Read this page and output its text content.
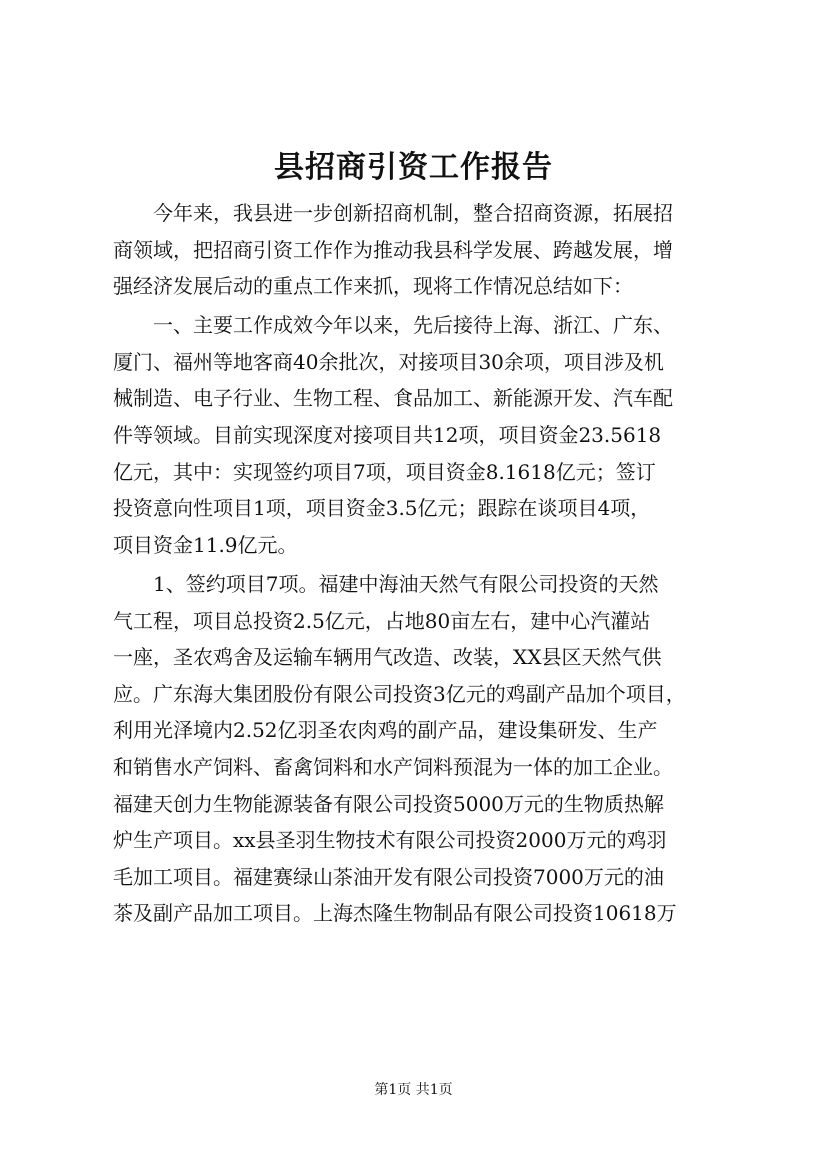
县招商引资工作报告
今年来，我县进一步创新招商机制，整合招商资源，拓展招
商领域，把招商引资工作作为推动我县科学发展、跨越发展，增
强经济发展后动的重点工作来抓，现将工作情况总结如下：
一、主要工作成效今年以来，先后接待上海、浙江、广东、
厦门、福州等地客商40余批次，对接项目30余项，项目涉及机
械制造、电子行业、生物工程、食品加工、新能源开发、汽车配
件等领域。目前实现深度对接项目共12项，项目资金23.5618
亿元，其中：实现签约项目7项，项目资金8.1618亿元；签订
投资意向性项目1项，项目资金3.5亿元；跟踪在谈项目4项，
项目资金11.9亿元。
1、签约项目7项。福建中海油天然气有限公司投资的天然
气工程，项目总投资2.5亿元，占地80亩左右，建中心汽灌站
一座，圣农鸡舍及运输车辆用气改造、改装，XX县区天然气供
应。广东海大集团股份有限公司投资3亿元的鸡副产品加个项目，
利用光泽境内2.52亿羽圣农肉鸡的副产品，建设集研发、生产
和销售水产饲料、畜禽饲料和水产饲料预混为一体的加工企业。
福建天创力生物能源装备有限公司投资5000万元的生物质热解
炉生产项目。xx县圣羽生物技术有限公司投资2000万元的鸡羽
毛加工项目。福建赛绿山茶油开发有限公司投资7000万元的油
茶及副产品加工项目。上海杰隆生物制品有限公司投资10618万
第1页 共1页
